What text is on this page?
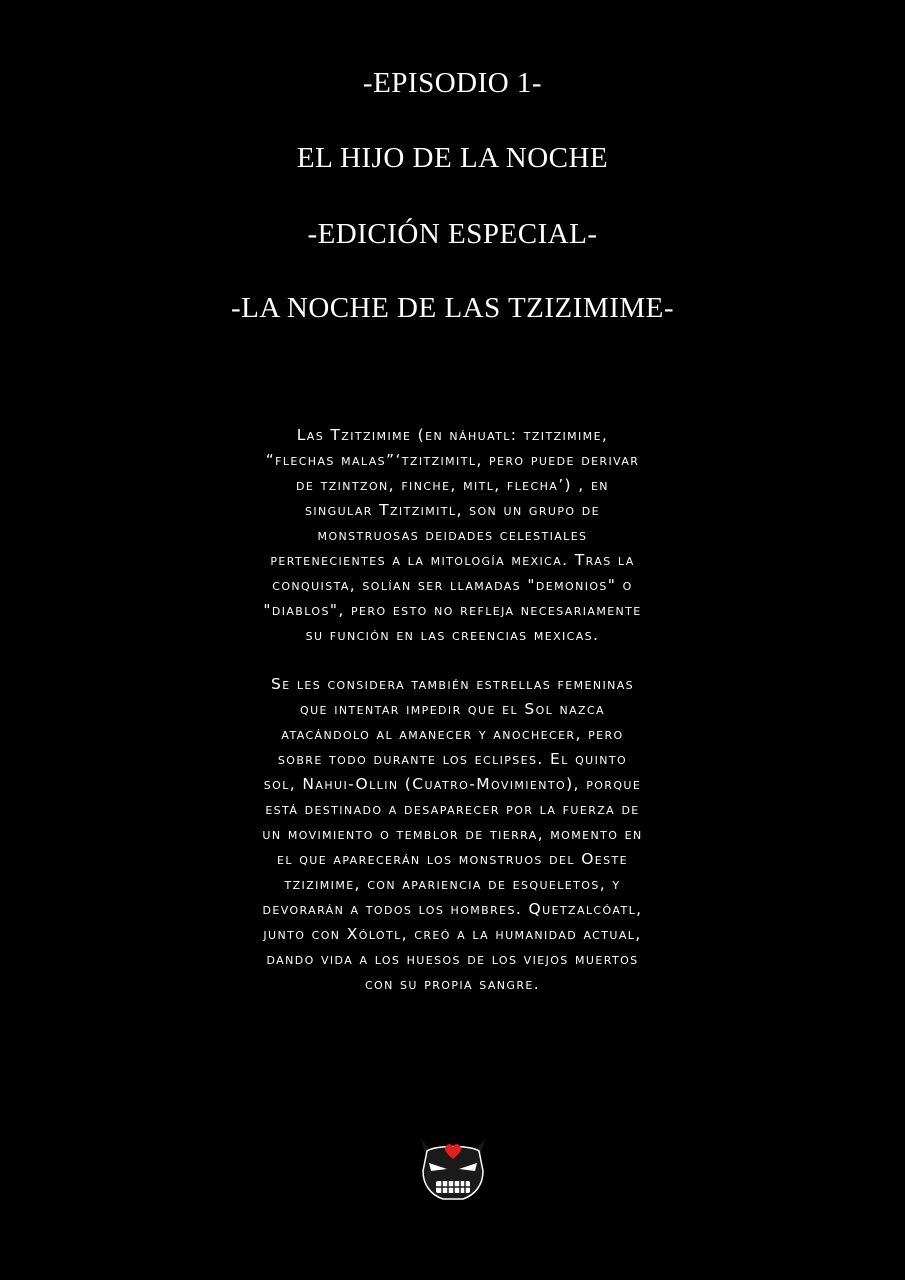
-EPISODIO 1-
EL HIJO DE LA NOCHE
-EDICIÓN ESPECIAL-
-LA NOCHE DE LAS TZIZIMIME-
Las Tzitzimime (en náhuatl: tzitzimime,
“flechas malas”‘tzitzimitl, pero puede derivar
de tzintzon, finche, mitl, flecha’) , en
singular Tzitzimitl, son un grupo de
monstruosas deidades celestiales
pertenecientes a la mitología mexica. Tras la
conquista, solían ser llamadas "demonios" o
"diablos", pero esto no refleja necesariamente
su función en las creencias mexicas.
Se les considera también estrellas femeninas
que intentar impedir que el Sol nazca
atacándolo al amanecer y anochecer, pero
sobre todo durante los eclipses. El quinto
sol, Nahui-Ollin (Cuatro-Movimiento), porque
está destinado a desaparecer por la fuerza de
un movimiento o temblor de tierra, momento en
el que aparecerán los monstruos del Oeste
tzizimime, con apariencia de esqueletos, y
devorarán a todos los hombres. Quetzalcóatl,
junto con Xólotl, creó a la humanidad actual,
dando vida a los huesos de los viejos muertos
con su propia sangre.
